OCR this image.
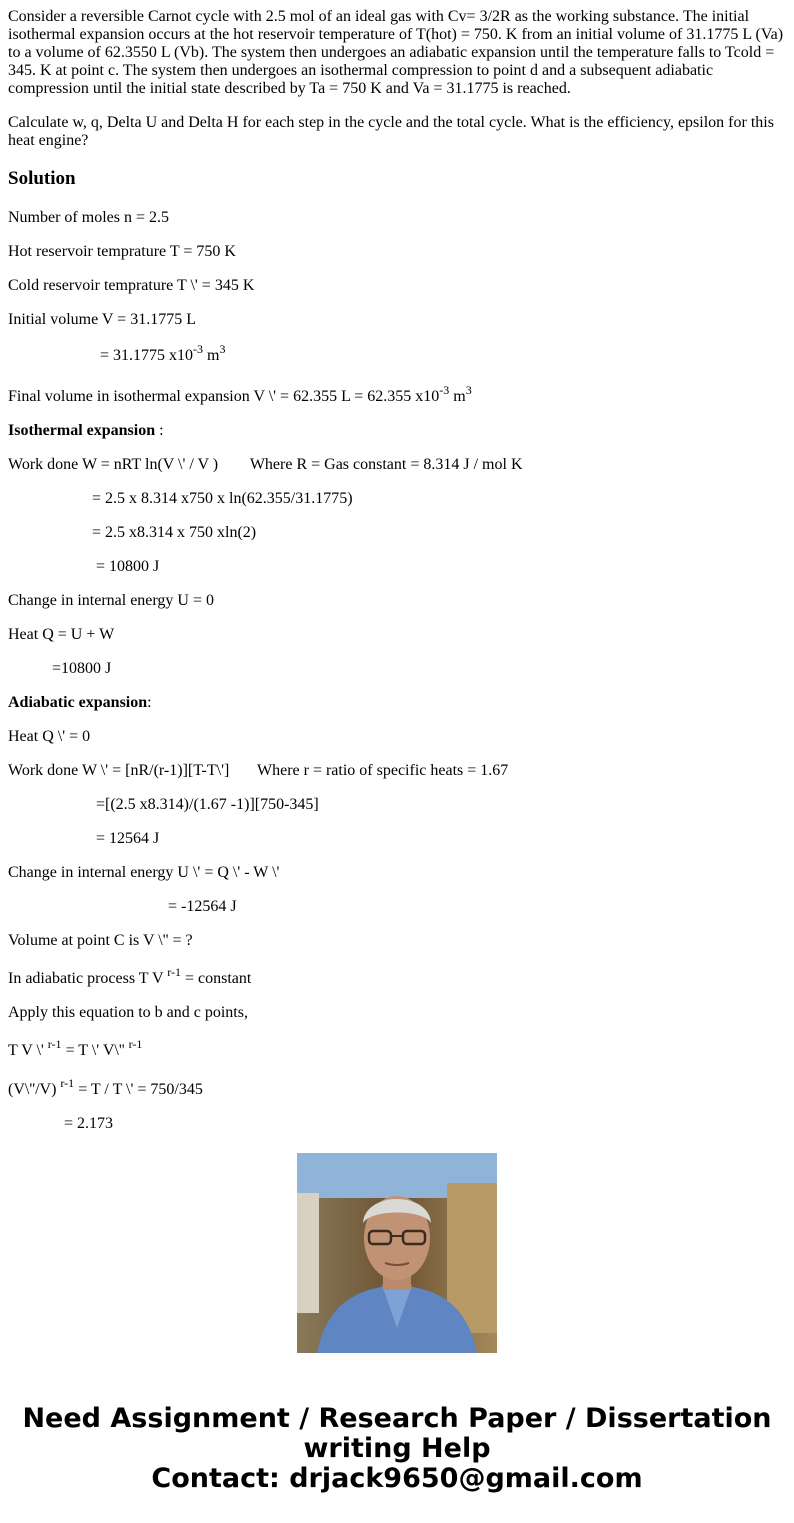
Consider a reversible Carnot cycle with 2.5 mol of an ideal gas with Cv= 3/2R as the working substance. The initial isothermal expansion occurs at the hot reservoir temperature of T(hot) = 750. K from an initial volume of 31.1775 L (Va) to a volume of 62.3550 L (Vb). The system then undergoes an adiabatic expansion until the temperature falls to Tcold = 345. K at point c. The system then undergoes an isothermal compression to point d and a subsequent adiabatic compression until the initial state described by Ta = 750 K and Va = 31.1775 is reached.
Calculate w, q, Delta U and Delta H for each step in the cycle and the total cycle. What is the efficiency, epsilon for this heat engine?
Solution
Number of moles n = 2.5
Hot reservoir temprature T = 750 K
Cold reservoir temprature T \' = 345 K
Initial volume V = 31.1775 L
= 31.1775 $x10^{-3}$ $m^3$
Final volume in isothermal expansion V \' = 62.355 L = 62.355 $x10^{-3}$ $m^3$
Isothermal expansion :
Work done W = nRT ln(V \' / V )        Where R = Gas constant = 8.314 J / mol K
= 2.5 x 8.314 x750 x ln(62.355/31.1775)
= 2.5 x8.314 x 750 xln(2)
= 10800 J
Change in internal energy U = 0
Heat Q = U + W
=10800 J
Adiabatic expansion:
Heat Q \' = 0
Work done W \' = [nR/(r-1)][T-T\']       Where r = ratio of specific heats = 1.67
=[(2.5 x8.314)/(1.67 -1)][750-345]
= 12564 J
Change in internal energy U \' = Q \' - W \'
= -12564 J
Volume at point C is V \'' = ?
In adiabatic process T V $^{r-1}$ = constant
Apply this equation to b and c points,
T V \' $^{r-1}$ = T \' V\'' $^{r-1}$
(V\''/V) $^{r-1}$ = T / T \' = 750/345
= 2.173
Need Assignment / Research Paper / Dissertation
writing Help
Contact: drjack9650@gmail.com
